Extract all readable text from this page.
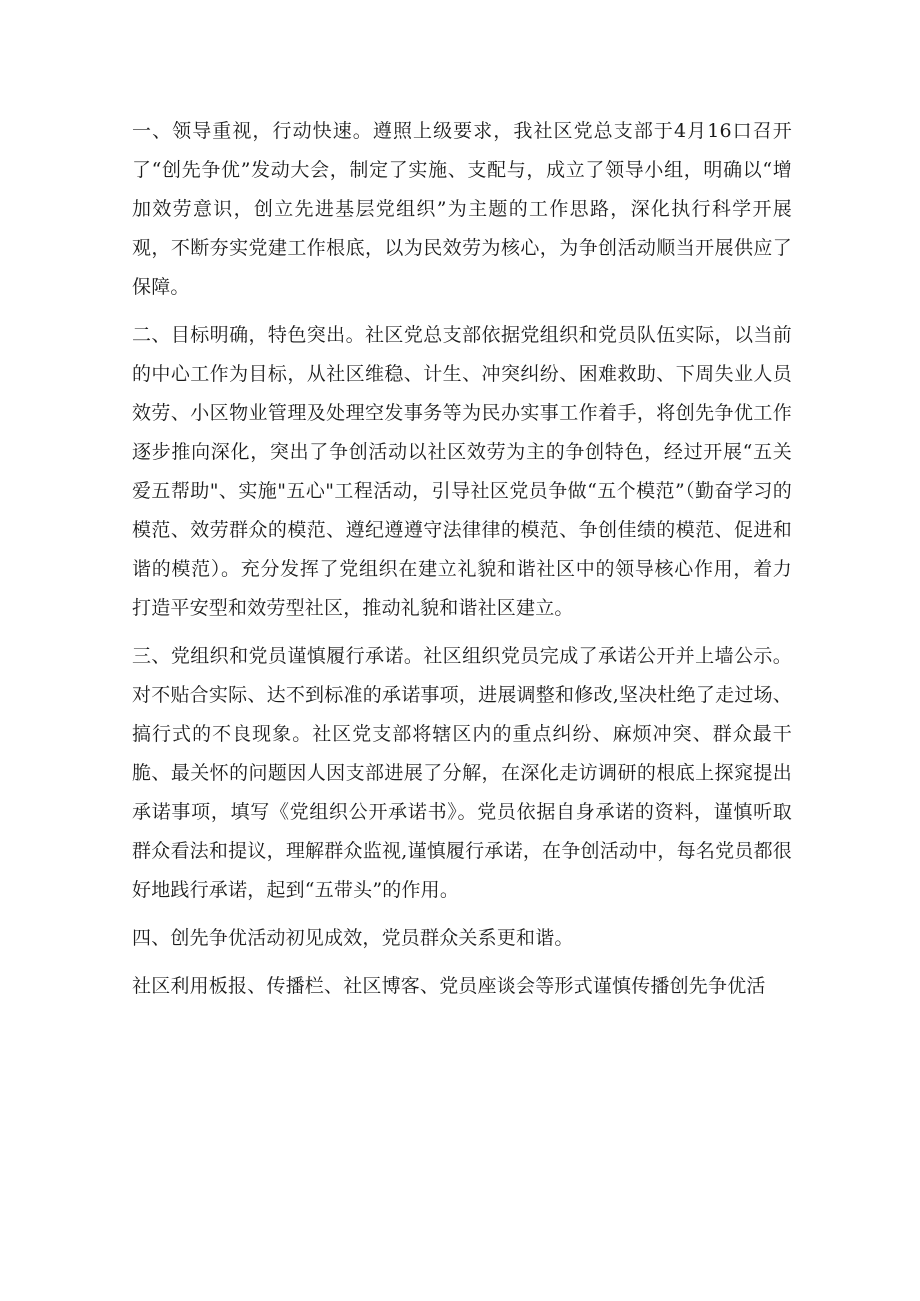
一、领导重视，行动快速。遵照上级要求，我社区党总支部于4月16口召开了“创先争优”发动大会，制定了实施、支配与，成立了领导小组，明确以“增加效劳意识，创立先进基层党组织”为主题的工作思路，深化执行科学开展观，不断夯实党建工作根底，以为民效劳为核心，为争创活动顺当开展供应了保障。

二、目标明确，特色突出。社区党总支部依据党组织和党员队伍实际，以当前的中心工作为目标，从社区维稳、计生、冲突纠纷、困难救助、下周失业人员效劳、小区物业管理及处理空发事务等为民办实事工作着手，将创先争优工作逐步推向深化，突出了争创活动以社区效劳为主的争创特色，经过开展“五关爱五帮助"、实施"五心"工程活动，引导社区党员争做“五个模范”（勤奋学习的模范、效劳群众的模范、遵纪遵遵守法律律的模范、争创佳绩的模范、促进和谐的模范）。充分发挥了党组织在建立礼貌和谐社区中的领导核心作用，着力打造平安型和效劳型社区，推动礼貌和谐社区建立。

三、党组织和党员谨慎履行承诺。社区组织党员完成了承诺公开并上墙公示。对不贴合实际、达不到标准的承诺事项，进展调整和修改,坚决杜绝了走过场、搞行式的不良现象。社区党支部将辖区内的重点纠纷、麻烦冲突、群众最干脆、最关怀的问题因人因支部进展了分解，在深化走访调研的根底上探窕提出承诺事项，填写《党组织公开承诺书》。党员依据自身承诺的资料，谨慎听取群众看法和提议，理解群众监视,谨慎履行承诺，在争创活动中，每名党员都很好地践行承诺，起到“五带头”的作用。

四、创先争优活动初见成效，党员群众关系更和谐。

社区利用板报、传播栏、社区博客、党员座谈会等形式谨慎传播创先争优活
